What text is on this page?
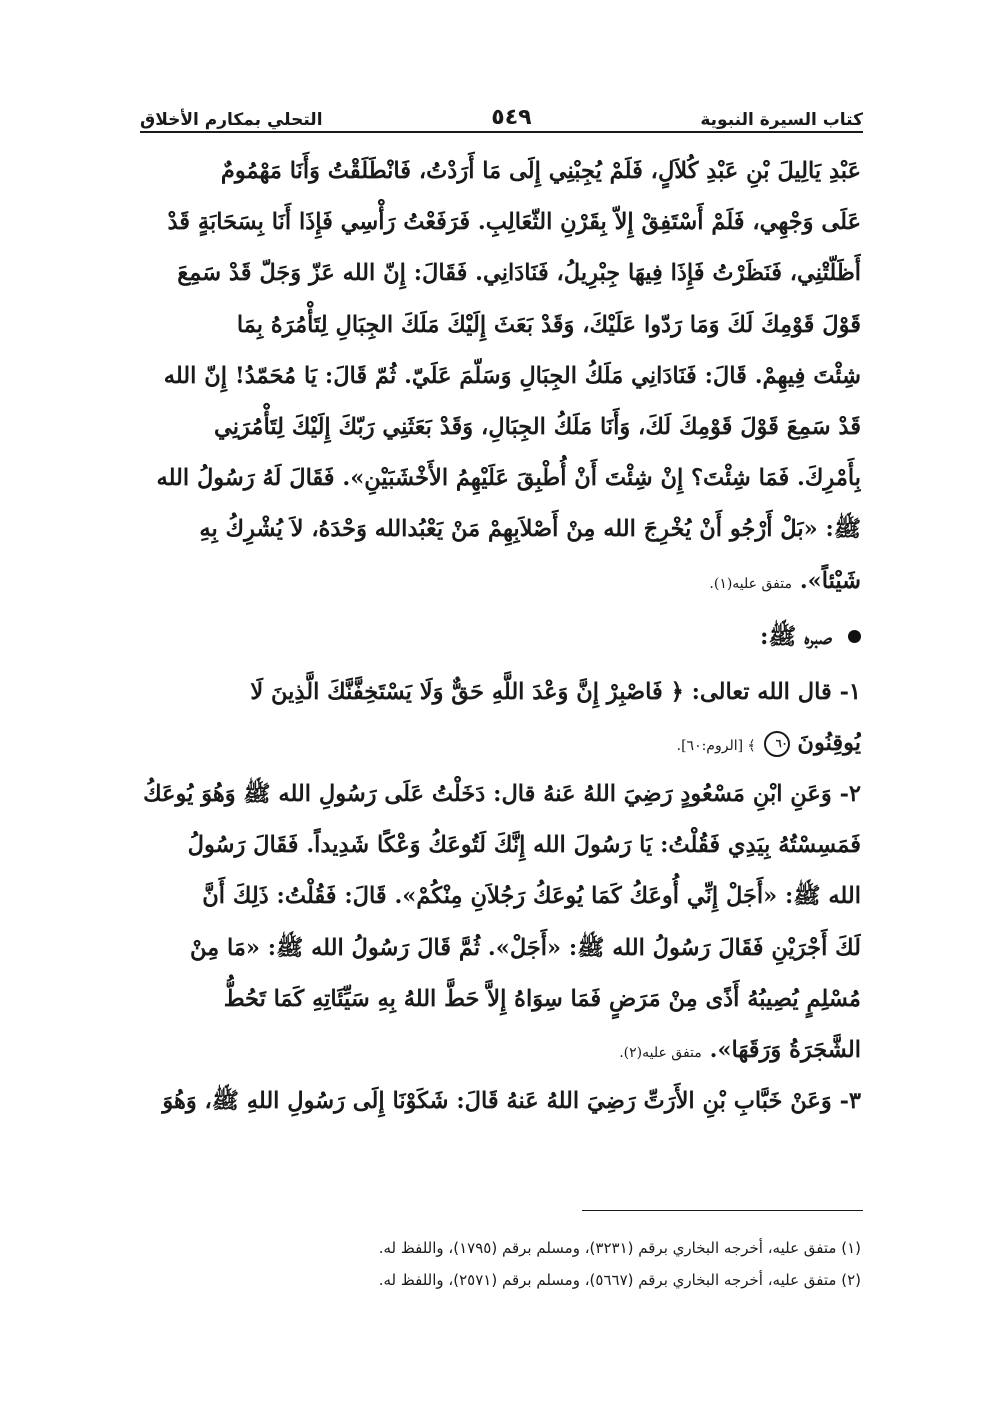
كتاب السيرة النبوية
٥٤٩
التحلي بمكارم الأخلاق
عَبْدِ يَالِيلَ بْنِ عَبْدِ كُلاَلٍ، فَلَمْ يُجِبْنِي إِلَى مَا أَرَدْتُ، فَانْطَلَقْتُ وَأَنَا مَهْمُومٌ
عَلَى وَجْهِي، فَلَمْ أَسْتَفِقْ إِلاّ بِقَرْنِ الثّعَالِبِ. فَرَفَعْتُ رَأْسِي فَإِذَا أَنَا بِسَحَابَةٍ قَدْ
أَظَلّتْنِي، فَنَظَرْتُ فَإِذَا فِيهَا جِبْرِيلُ، فَنَادَانِي. فَقَالَ: إِنّ الله عَزّ وَجَلّ قَدْ سَمِعَ
قَوْلَ قَوْمِكَ لَكَ وَمَا رَدّوا عَلَيْكَ، وَقَدْ بَعَثَ إِلَيْكَ مَلَكَ الجِبَالِ لِتَأْمُرَهُ بِمَا
شِئْتَ فِيهِمْ. قَالَ: فَنَادَانِي مَلَكُ الجِبَالِ وَسَلّمَ عَلَيّ. ثُمّ قَالَ: يَا مُحَمّدُ! إِنّ الله
قَدْ سَمِعَ قَوْلَ قَوْمِكَ لَكَ، وَأَنَا مَلَكُ الجِبَالِ، وَقَدْ بَعَثَنِي رَبّكَ إِلَيْكَ لِتَأْمُرَنِي
بِأَمْرِكَ. فَمَا شِئْتَ؟ إِنْ شِئْتَ أَنْ أُطْبِقَ عَلَيْهِمُ الأَخْشَبَيْنِ». فَقَالَ لَهُ رَسُولُ الله
ﷺ: «بَلْ أَرْجُو أَنْ يُخْرِجَ الله مِنْ أَصْلاَبِهِمْ مَنْ يَعْبُدالله وَحْدَهُ، لاَ يُشْرِكُ بِهِ
شَيْئاً». متفق عليه(١).
صبره ﷺ:
١- قال الله تعالى: ﴿ فَاصْبِرْ إِنَّ وَعْدَ اللَّهِ حَقٌّ وَلَا يَسْتَخِفَّنَّكَ الَّذِينَ لَا
يُوقِنُونَ ٦٠ ﴾ [الروم:٦٠].
٢- وَعَنِ ابْنِ مَسْعُودٍ رَضِيَ اللهُ عَنهُ قال: دَخَلْتُ عَلَى رَسُولِ الله ﷺ وَهُوَ يُوعَكُ
فَمَسِسْتُهُ بِيَدِي فَقُلْتُ: يَا رَسُولَ الله إِنَّكَ لَتُوعَكُ وَعْكًا شَدِيداً. فَقَالَ رَسُولُ
الله ﷺ: «أَجَلْ إِنِّي أُوعَكُ كَمَا يُوعَكُ رَجُلاَنِ مِنْكُمْ». قَالَ: فَقُلْتُ: ذَلِكَ أَنَّ
لَكَ أَجْرَيْنِ فَقَالَ رَسُولُ الله ﷺ: «أَجَلْ». ثُمَّ قَالَ رَسُولُ الله ﷺ: «مَا مِنْ
مُسْلِمٍ يُصِيبُهُ أَذًى مِنْ مَرَضٍ فَمَا سِوَاهُ إِلاَّ حَطَّ اللهُ بِهِ سَيِّئَاتِهِ كَمَا تَحُطُّ
الشَّجَرَةُ وَرَقَهَا». متفق عليه(٢).
٣- وَعَنْ خَبَّابِ بْنِ الأَرَتِّ رَضِيَ اللهُ عَنهُ قَالَ: شَكَوْنَا إِلَى رَسُولِ اللهِ ﷺ، وَهُوَ
(١) متفق عليه، أخرجه البخاري برقم (٣٢٣١)، ومسلم برقم (١٧٩٥)، واللفظ له.
(٢) متفق عليه، أخرجه البخاري برقم (٥٦٦٧)، ومسلم برقم (٢٥٧١)، واللفظ له.
